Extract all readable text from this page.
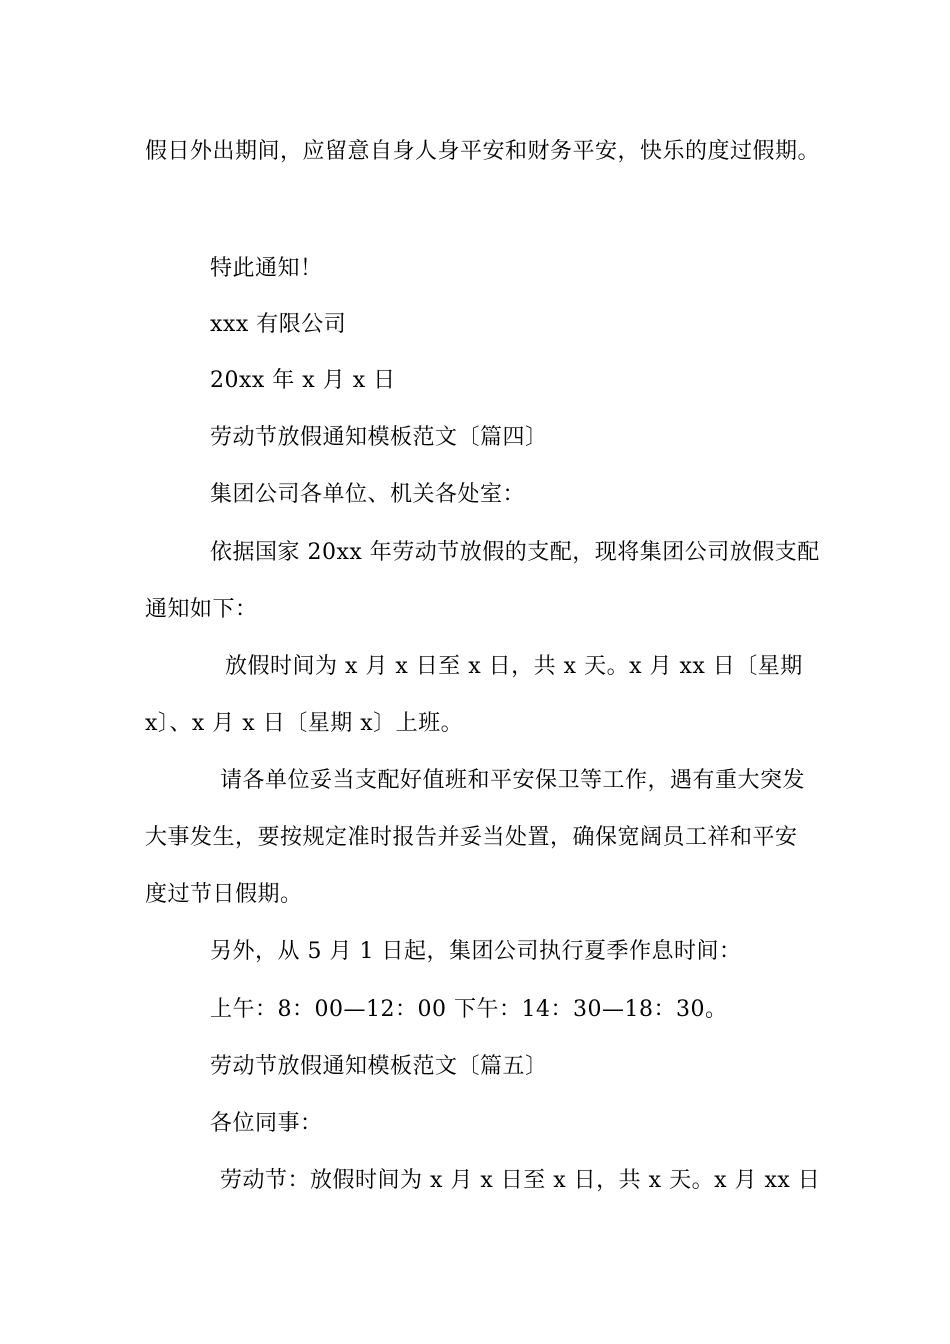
假日外出期间，应留意自身人身平安和财务平安，快乐的度过假期。
特此通知！
xxx 有限公司
20xx 年 x 月 x 日
劳动节放假通知模板范文〔篇四〕
集团公司各单位、机关各处室：
依据国家 20xx 年劳动节放假的支配，现将集团公司放假支配
通知如下：
放假时间为 x 月 x 日至 x 日，共 x 天。x 月 xx 日〔星期
x〕、x 月 x 日〔星期 x〕上班。
请各单位妥当支配好值班和平安保卫等工作，遇有重大突发
大事发生，要按规定准时报告并妥当处置，确保宽阔员工祥和平安
度过节日假期。
另外，从 5 月 1 日起，集团公司执行夏季作息时间：
上午：8：00—12：00 下午：14：30—18：30。
劳动节放假通知模板范文〔篇五〕
各位同事：
劳动节：放假时间为 x 月 x 日至 x 日，共 x 天。x 月 xx 日
